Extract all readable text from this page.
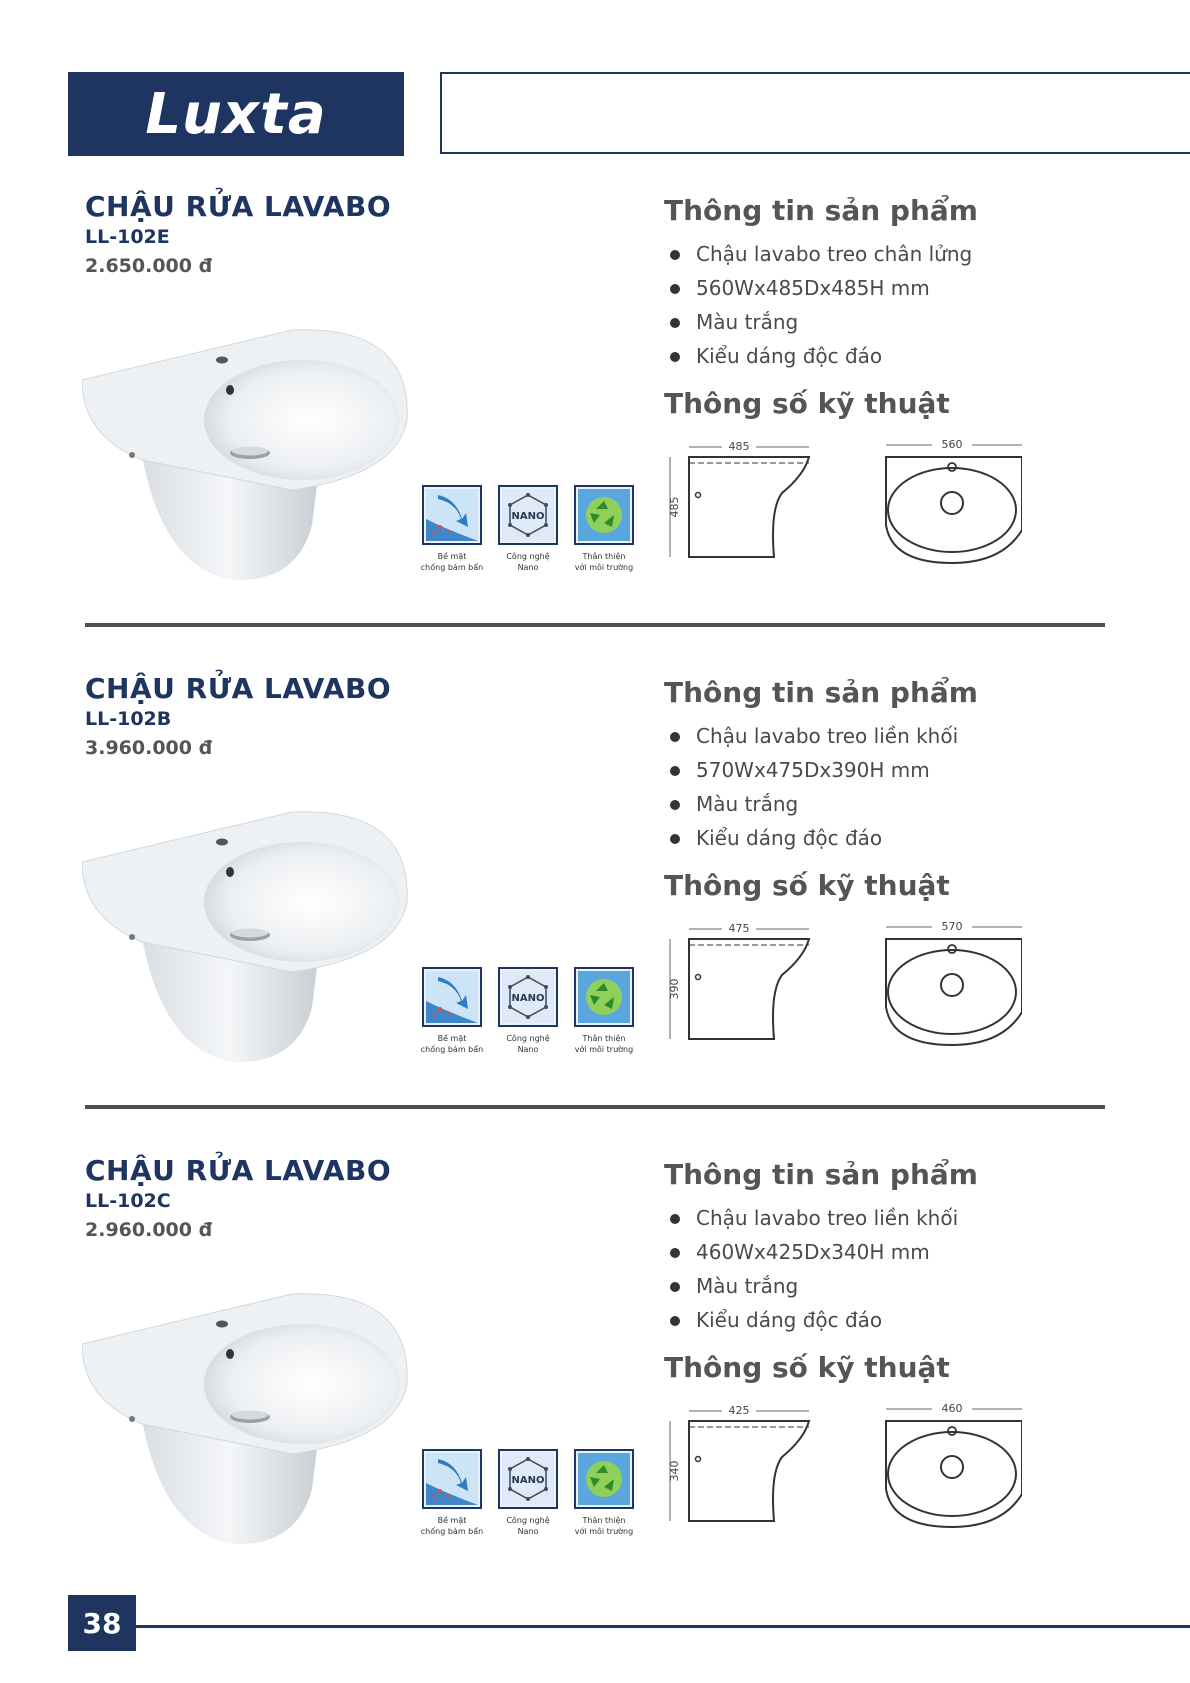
Luxta
CHẬU RỬA LAVABO
LL-102E
2.650.000 đ
Bề mặt
chống bám bẩn
NANO
Công nghệ
Nano
Thân thiện
với môi trường
Thông tin sản phẩm
Chậu lavabo treo chân lửng
560Wx485Dx485H mm
Màu trắng
Kiểu dáng độc đáo
Thông số kỹ thuật
485
485
560
CHẬU RỬA LAVABO
LL-102B
3.960.000 đ
Bề mặt
chống bám bẩn
NANO
Công nghệ
Nano
Thân thiện
với môi trường
Thông tin sản phẩm
Chậu lavabo treo liền khối
570Wx475Dx390H mm
Màu trắng
Kiểu dáng độc đáo
Thông số kỹ thuật
475
390
570
CHẬU RỬA LAVABO
LL-102C
2.960.000 đ
Bề mặt
chống bám bẩn
NANO
Công nghệ
Nano
Thân thiện
với môi trường
Thông tin sản phẩm
Chậu lavabo treo liền khối
460Wx425Dx340H mm
Màu trắng
Kiểu dáng độc đáo
Thông số kỹ thuật
425
340
460
38
